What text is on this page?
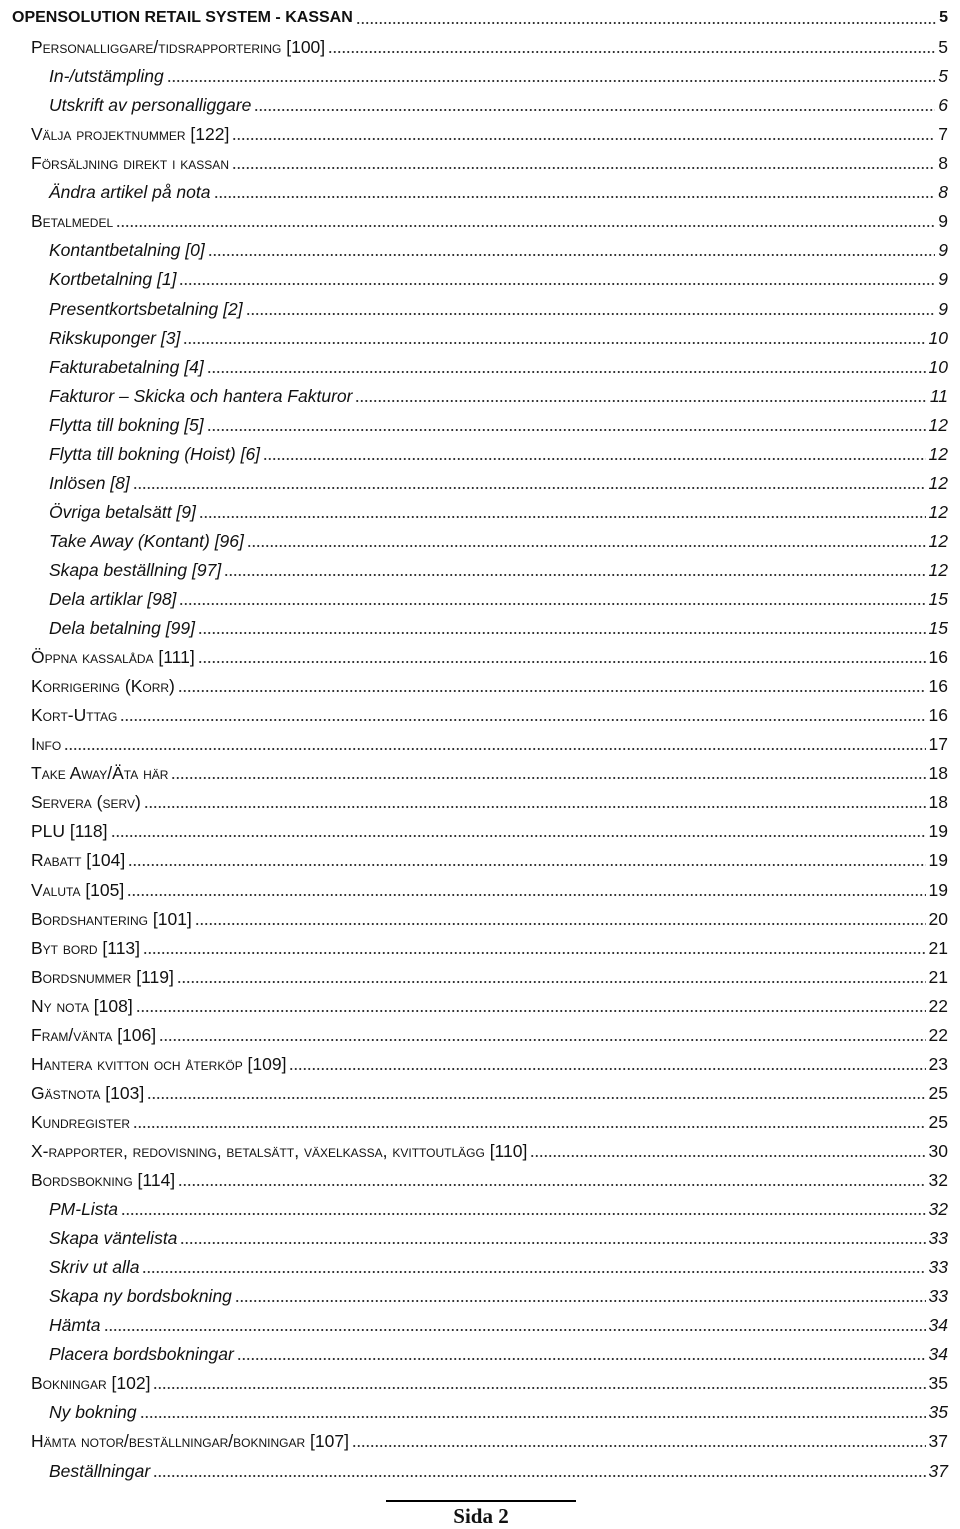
OPENSOLUTION RETAIL SYSTEM - KASSAN	5
Personalliggare/tidsrapportering [100]	5
In-/utstämpling	5
Utskrift av personalliggare	6
Välja projektnummer [122]	7
Försäljning direkt i kassan	8
Ändra artikel på nota	8
Betalmedel	9
Kontantbetalning [0]	9
Kortbetalning [1]	9
Presentkortsbetalning [2]	9
Rikskuponger [3]	10
Fakturabetalning [4]	10
Fakturor – Skicka och hantera Fakturor	11
Flytta till bokning [5]	12
Flytta till bokning (Hoist) [6]	12
Inlösen [8]	12
Övriga betalsätt [9]	12
Take Away (Kontant) [96]	12
Skapa beställning [97]	12
Dela artiklar [98]	15
Dela betalning [99]	15
Öppna kassalåda [111]	16
Korrigering (Korr)	16
Kort-Uttag	16
Info	17
Take Away/Äta här	18
Servera (serv)	18
PLU [118]	19
Rabatt [104]	19
Valuta [105]	19
Bordshantering [101]	20
Byt bord [113]	21
Bordsnummer [119]	21
Ny nota [108]	22
Fram/vänta [106]	22
Hantera kvitton och återköp [109]	23
Gästnota [103]	25
Kundregister	25
X-rapporter, redovisning, betalsätt, växelkassa, kvittoutlägg [110]	30
Bordsbokning [114]	32
PM-Lista	32
Skapa väntelista	33
Skriv ut alla	33
Skapa ny bordsbokning	33
Hämta	34
Placera bordsbokningar	34
Bokningar [102]	35
Ny bokning	35
Hämta notor/beställningar/bokningar [107]	37
Beställningar	37
Sida 2
